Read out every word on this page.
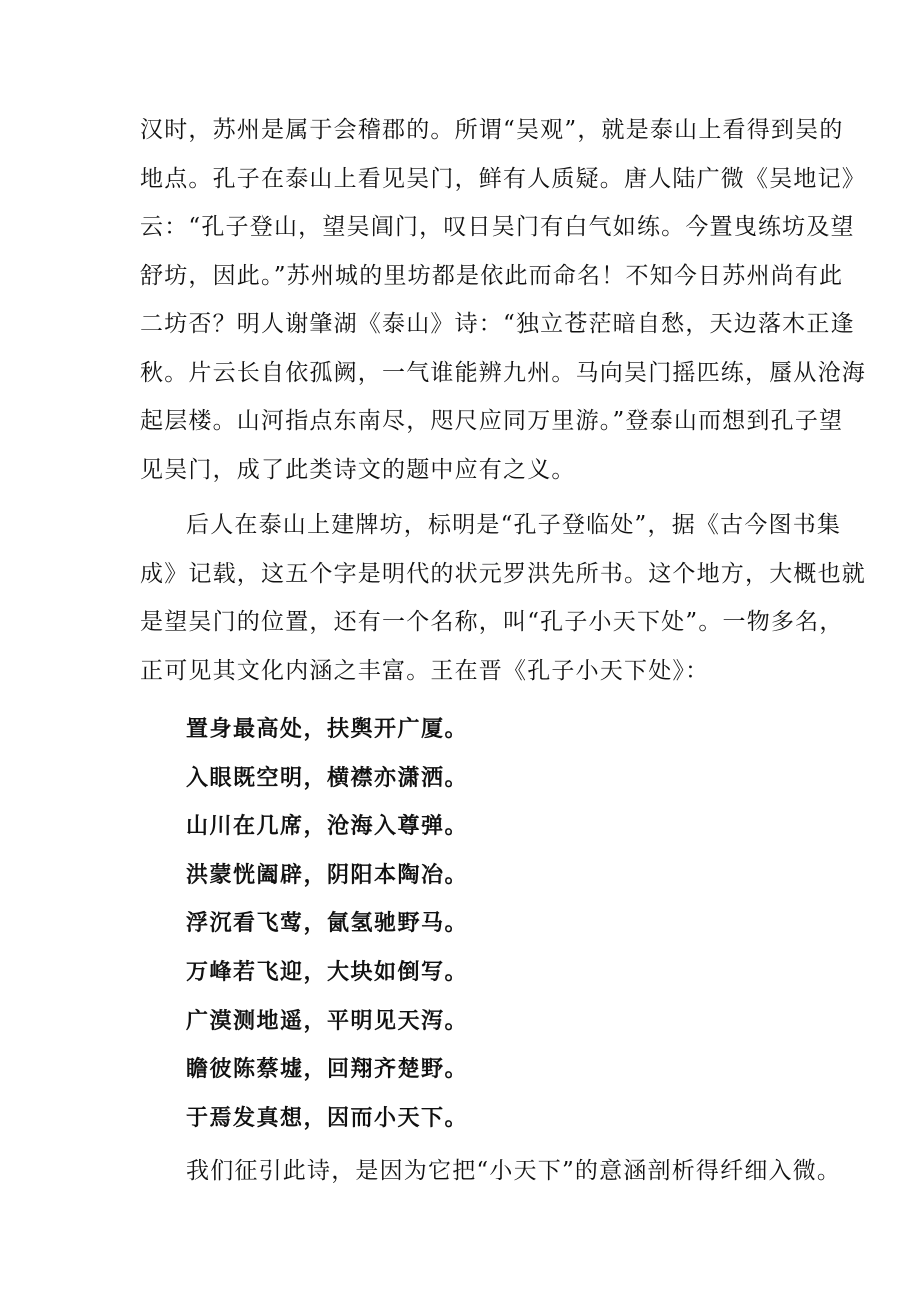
汉时，苏州是属于会稽郡的。所谓“吴观”，就是泰山上看得到吴的
地点。孔子在泰山上看见吴门，鲜有人质疑。唐人陆广微《吴地记》
云：“孔子登山，望吴阊门，叹日吴门有白气如练。今置曳练坊及望
舒坊，因此。”苏州城的里坊都是依此而命名！不知今日苏州尚有此
二坊否？明人谢肇湖《泰山》诗：“独立苍茫暗自愁，天边落木正逢
秋。片云长自依孤阙，一气谁能辨九州。马向吴门摇匹练，蜃从沧海
起层楼。山河指点东南尽，咫尺应同万里游。”登泰山而想到孔子望
见吴门，成了此类诗文的题中应有之义。

后人在泰山上建牌坊，标明是“孔子登临处”，据《古今图书集
成》记载，这五个字是明代的状元罗洪先所书。这个地方，大概也就
是望吴门的位置，还有一个名称，叫“孔子小天下处”。一物多名，
正可见其文化内涵之丰富。王在晋《孔子小天下处》：

置身最高处，扶舆开广厦。
入眼既空明，横襟亦潇洒。
山川在几席，沧海入尊弹。
洪蒙恍阖辟，阴阳本陶冶。
浮沉看飞莺，氤氢驰野马。
万峰若飞迎，大块如倒写。
广漠测地遥，平明见天泻。
瞻彼陈蔡墟，回翔齐楚野。
于焉发真想，因而小天下。

我们征引此诗，是因为它把“小天下”的意涵剖析得纤细入微。
